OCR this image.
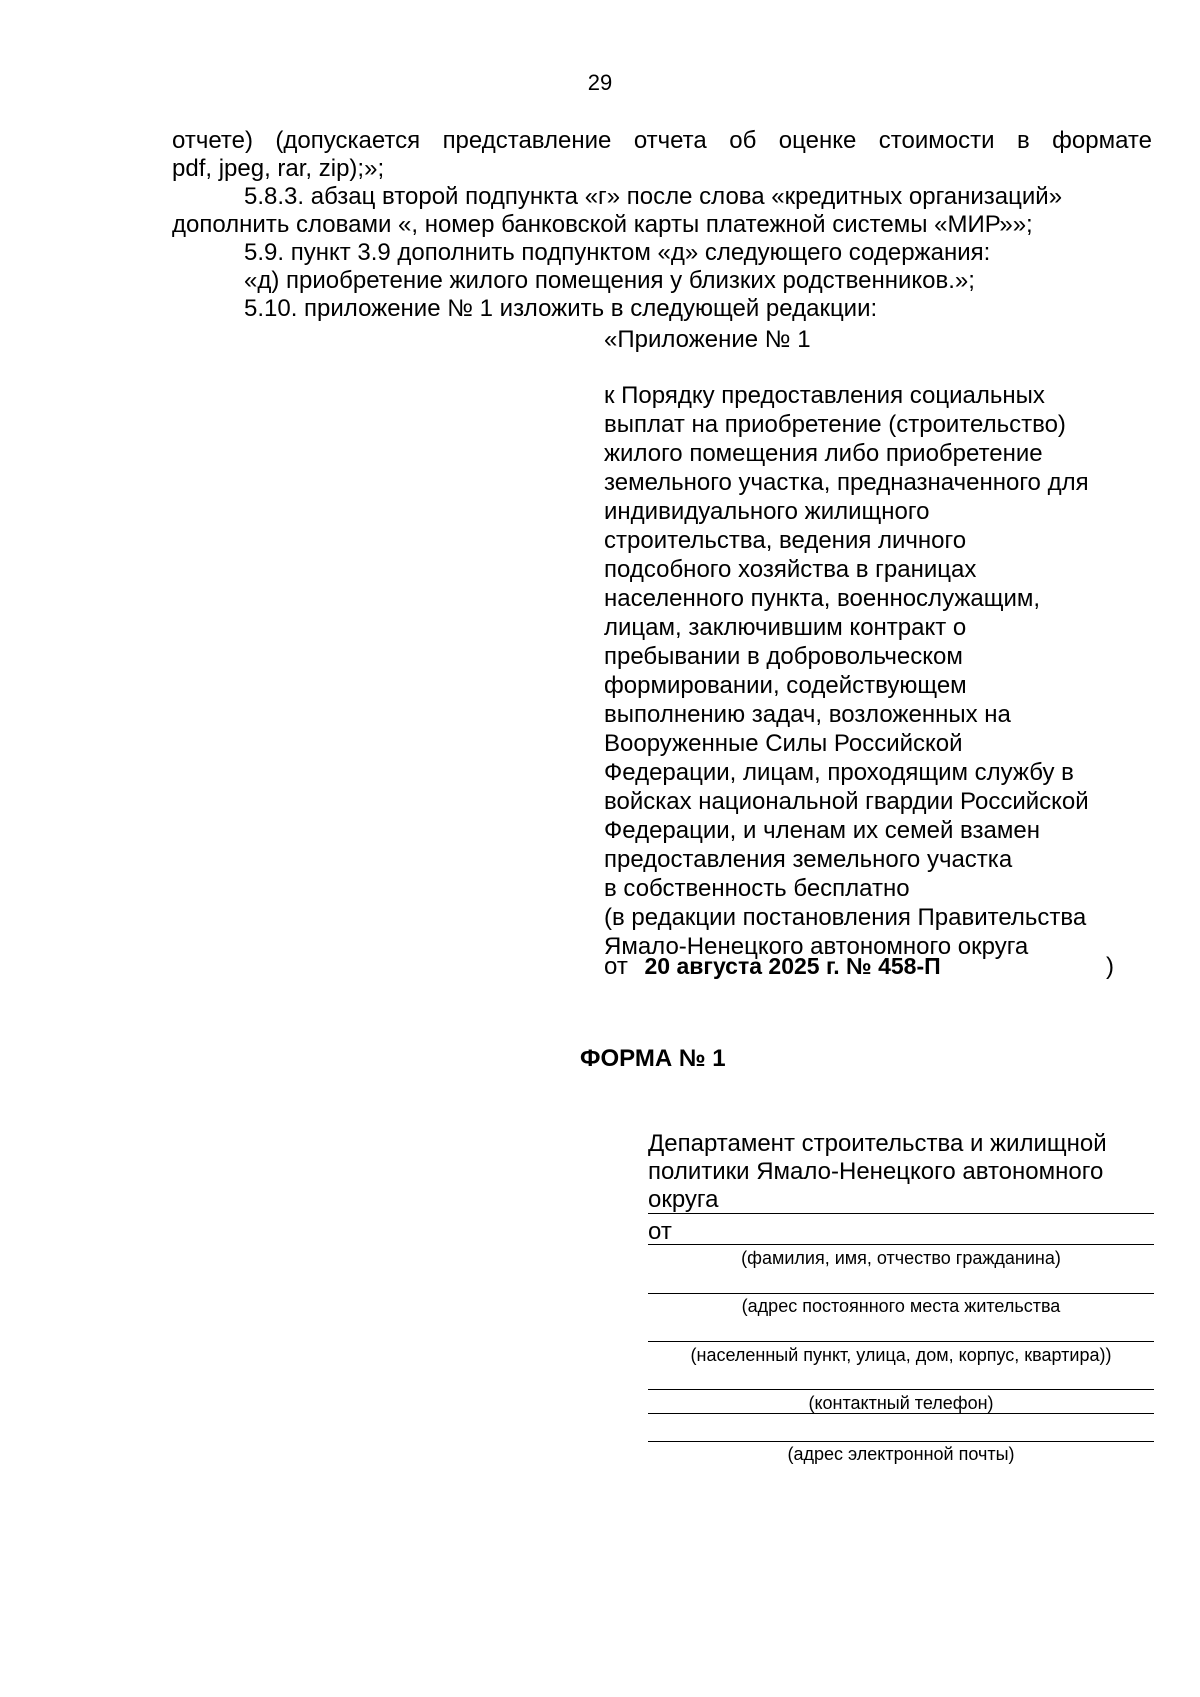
29
отчете) (допускается представление отчета об оценке стоимости в формате
pdf, jpeg, rar, zip);»;
5.8.3. абзац второй подпункта «г» после слова «кредитных организаций»
дополнить словами «, номер банковской карты платежной системы «МИР»»;
5.9. пункт 3.9 дополнить подпунктом «д» следующего содержания:
«д) приобретение жилого помещения у близких родственников.»;
5.10. приложение № 1 изложить в следующей редакции:
«Приложение № 1
к Порядку предоставления социальных
выплат на приобретение (строительство)
жилого помещения либо приобретение
земельного участка, предназначенного для
индивидуального жилищного
строительства, ведения личного
подсобного хозяйства в границах
населенного пункта, военнослужащим,
лицам, заключившим контракт о
пребывании в добровольческом
формировании, содействующем
выполнению задач, возложенных на
Вооруженные Силы Российской
Федерации, лицам, проходящим службу в
войсках национальной гвардии Российской
Федерации, и членам их семей взамен
предоставления земельного участка
в собственность бесплатно
(в редакции постановления Правительства
Ямало-Ненецкого автономного округа
от 20 августа 2025 г. № 458-П	)
ФОРМА № 1
Департамент строительства и жилищной
политики Ямало-Ненецкого автономного
округа
от
(фамилия, имя, отчество гражданина)
(адрес постоянного места жительства
(населенный пункт, улица, дом, корпус, квартира))
(контактный телефон)
(адрес электронной почты)
